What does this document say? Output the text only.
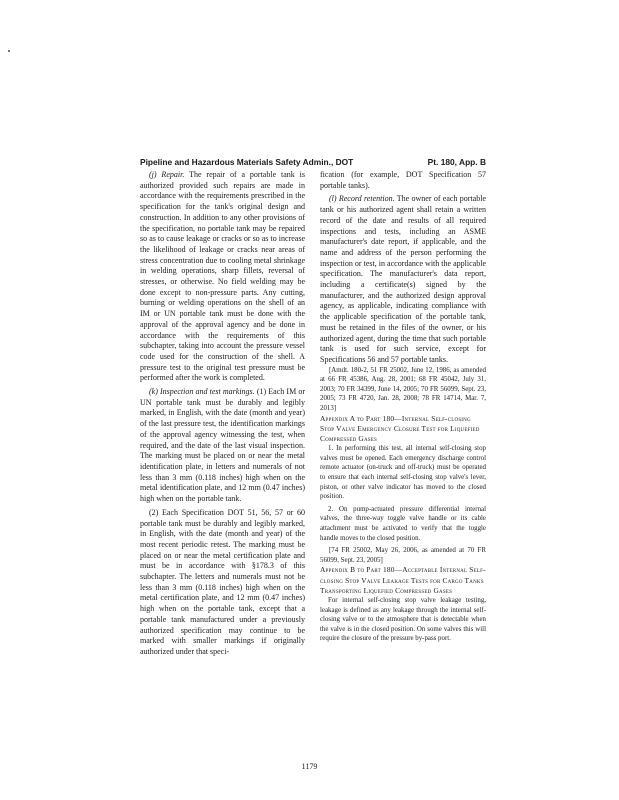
Pipeline and Hazardous Materials Safety Admin., DOT	Pt. 180, App. B

(j) Repair. The repair of a portable tank is authorized provided such repairs are made in accordance with the requirements prescribed in the specification for the tank's original design and construction. In addition to any other provisions of the specification, no portable tank may be repaired so as to cause leakage or cracks or so as to increase the likelihood of leakage or cracks near areas of stress concentration due to cooling metal shrinkage in welding operations, sharp fillets, reversal of stresses, or otherwise. No field welding may be done except to non-pressure parts. Any cutting, burning or welding operations on the shell of an IM or UN portable tank must be done with the approval of the approval agency and be done in accordance with the requirements of this subchapter, taking into account the pressure vessel code used for the construction of the shell. A pressure test to the original test pressure must be performed after the work is completed.

(k) Inspection and test markings. (1) Each IM or UN portable tank must be durably and legibly marked, in English, with the date (month and year) of the last pressure test, the identification markings of the approval agency witnessing the test, when required, and the date of the last visual inspection. The marking must be placed on or near the metal identification plate, in letters and numerals of not less than 3 mm (0.118 inches) high when on the metal identification plate, and 12 mm (0.47 inches) high when on the portable tank.

(2) Each Specification DOT 51, 56, 57 or 60 portable tank must be durably and legibly marked, in English, with the date (month and year) of the most recent periodic retest. The marking must be placed on or near the metal certification plate and must be in accordance with §178.3 of this subchapter. The letters and numerals must not be less than 3 mm (0.118 inches) high when on the metal certification plate, and 12 mm (0.47 inches) high when on the portable tank, except that a portable tank manufactured under a previously authorized specification may continue to be marked with smaller markings if originally authorized under that speci-

fication (for example, DOT Specification 57 portable tanks).

(l) Record retention. The owner of each portable tank or his authorized agent shall retain a written record of the date and results of all required inspections and tests, including an ASME manufacturer's date report, if applicable, and the name and address of the person performing the inspection or test, in accordance with the applicable specification. The manufacturer's data report, including a certificate(s) signed by the manufacturer, and the authorized design approval agency, as applicable, indicating compliance with the applicable specification of the portable tank, must be retained in the files of the owner, or his authorized agent, during the time that such portable tank is used for such service, except for Specifications 56 and 57 portable tanks.

[Amdt. 180-2, 51 FR 25002, June 12, 1986, as amended at 66 FR 45386, Aug. 28, 2001; 68 FR 45042, July 31, 2003; 70 FR 34399, June 14, 2005; 70 FR 56099, Sept. 23, 2005; 73 FR 4720, Jan. 28, 2008; 78 FR 14714, Mar. 7, 2013]

Appendix A to Part 180—Internal Self-closing Stop Valve Emergency Closure Test for Liquefied Compressed Gases

1. In performing this test, all internal self-closing stop valves must be opened. Each emergency discharge control remote actuator (on-truck and off-truck) must be operated to ensure that each internal self-closing stop valve's lever, piston, or other valve indicator has moved to the closed position.

2. On pump-actuated pressure differential internal valves, the three-way toggle valve handle or its cable attachment must be activated to verify that the toggle handle moves to the closed position.

[74 FR 25002, May 26, 2006, as amended at 70 FR 56099, Sept. 23, 2005]

Appendix B to Part 180—Acceptable Internal Self-closing Stop Valve Leakage Tests for Cargo Tanks Transporting Liquefied Compressed Gases

For internal self-closing stop valve leakage testing, leakage is defined as any leakage through the internal self-closing valve or to the atmosphere that is detectable when the valve is in the closed position. On some valves this will require the closure of the pressure by-pass port.

1179
